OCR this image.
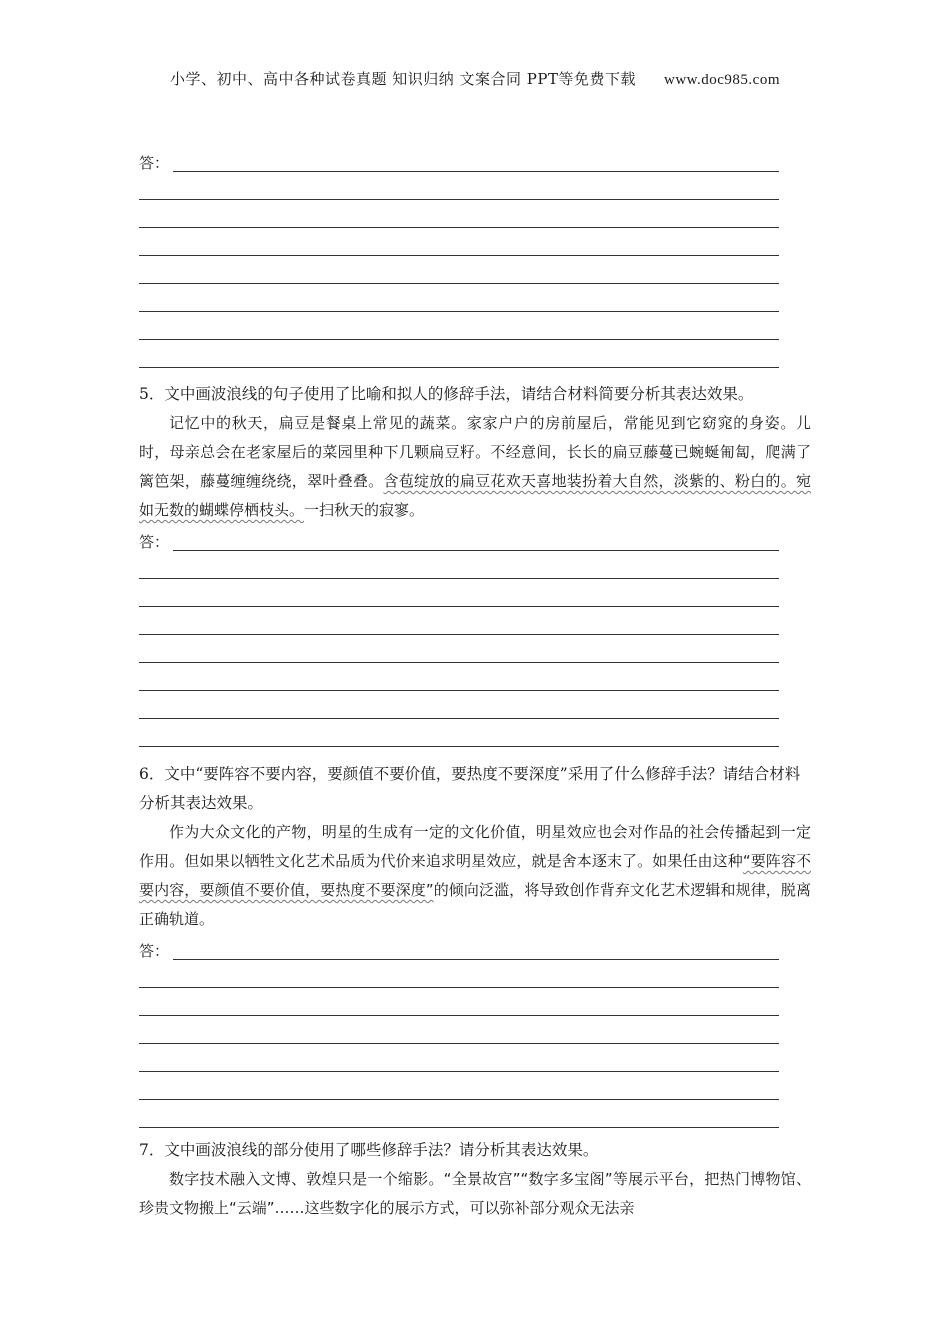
小学、初中、高中各种试卷真题 知识归纳 文案合同 PPT等免费下载 www.doc985.com
答：

5．文中画波浪线的句子使用了比喻和拟人的修辞手法，请结合材料简要分析其表达效果。

记忆中的秋天，扁豆是餐桌上常见的蔬菜。家家户户的房前屋后，常能见到它窈窕的身姿。儿时，母亲总会在老家屋后的菜园里种下几颗扁豆籽。不经意间，长长的扁豆藤蔓已蜿蜒匍匐，爬满了篱笆架，藤蔓缠缠绕绕，翠叶叠叠。含苞绽放的扁豆花欢天喜地装扮着大自然，淡紫的、粉白的。宛如无数的蝴蝶停栖枝头。一扫秋天的寂寥。

答：

6．文中“要阵容不要内容，要颜值不要价值，要热度不要深度”采用了什么修辞手法？请结合材料分析其表达效果。

作为大众文化的产物，明星的生成有一定的文化价值，明星效应也会对作品的社会传播起到一定作用。但如果以牺牲文化艺术品质为代价来追求明星效应，就是舍本逐末了。如果任由这种“要阵容不要内容，要颜值不要价值，要热度不要深度”的倾向泛滥，将导致创作背弃文化艺术逻辑和规律，脱离正确轨道。

答：

7．文中画波浪线的部分使用了哪些修辞手法？请分析其表达效果。

数字技术融入文博、敦煌只是一个缩影。“全景故宫”“数字多宝阁”等展示平台，把热门博物馆、珍贵文物搬上“云端”……这些数字化的展示方式，可以弥补部分观众无法亲
